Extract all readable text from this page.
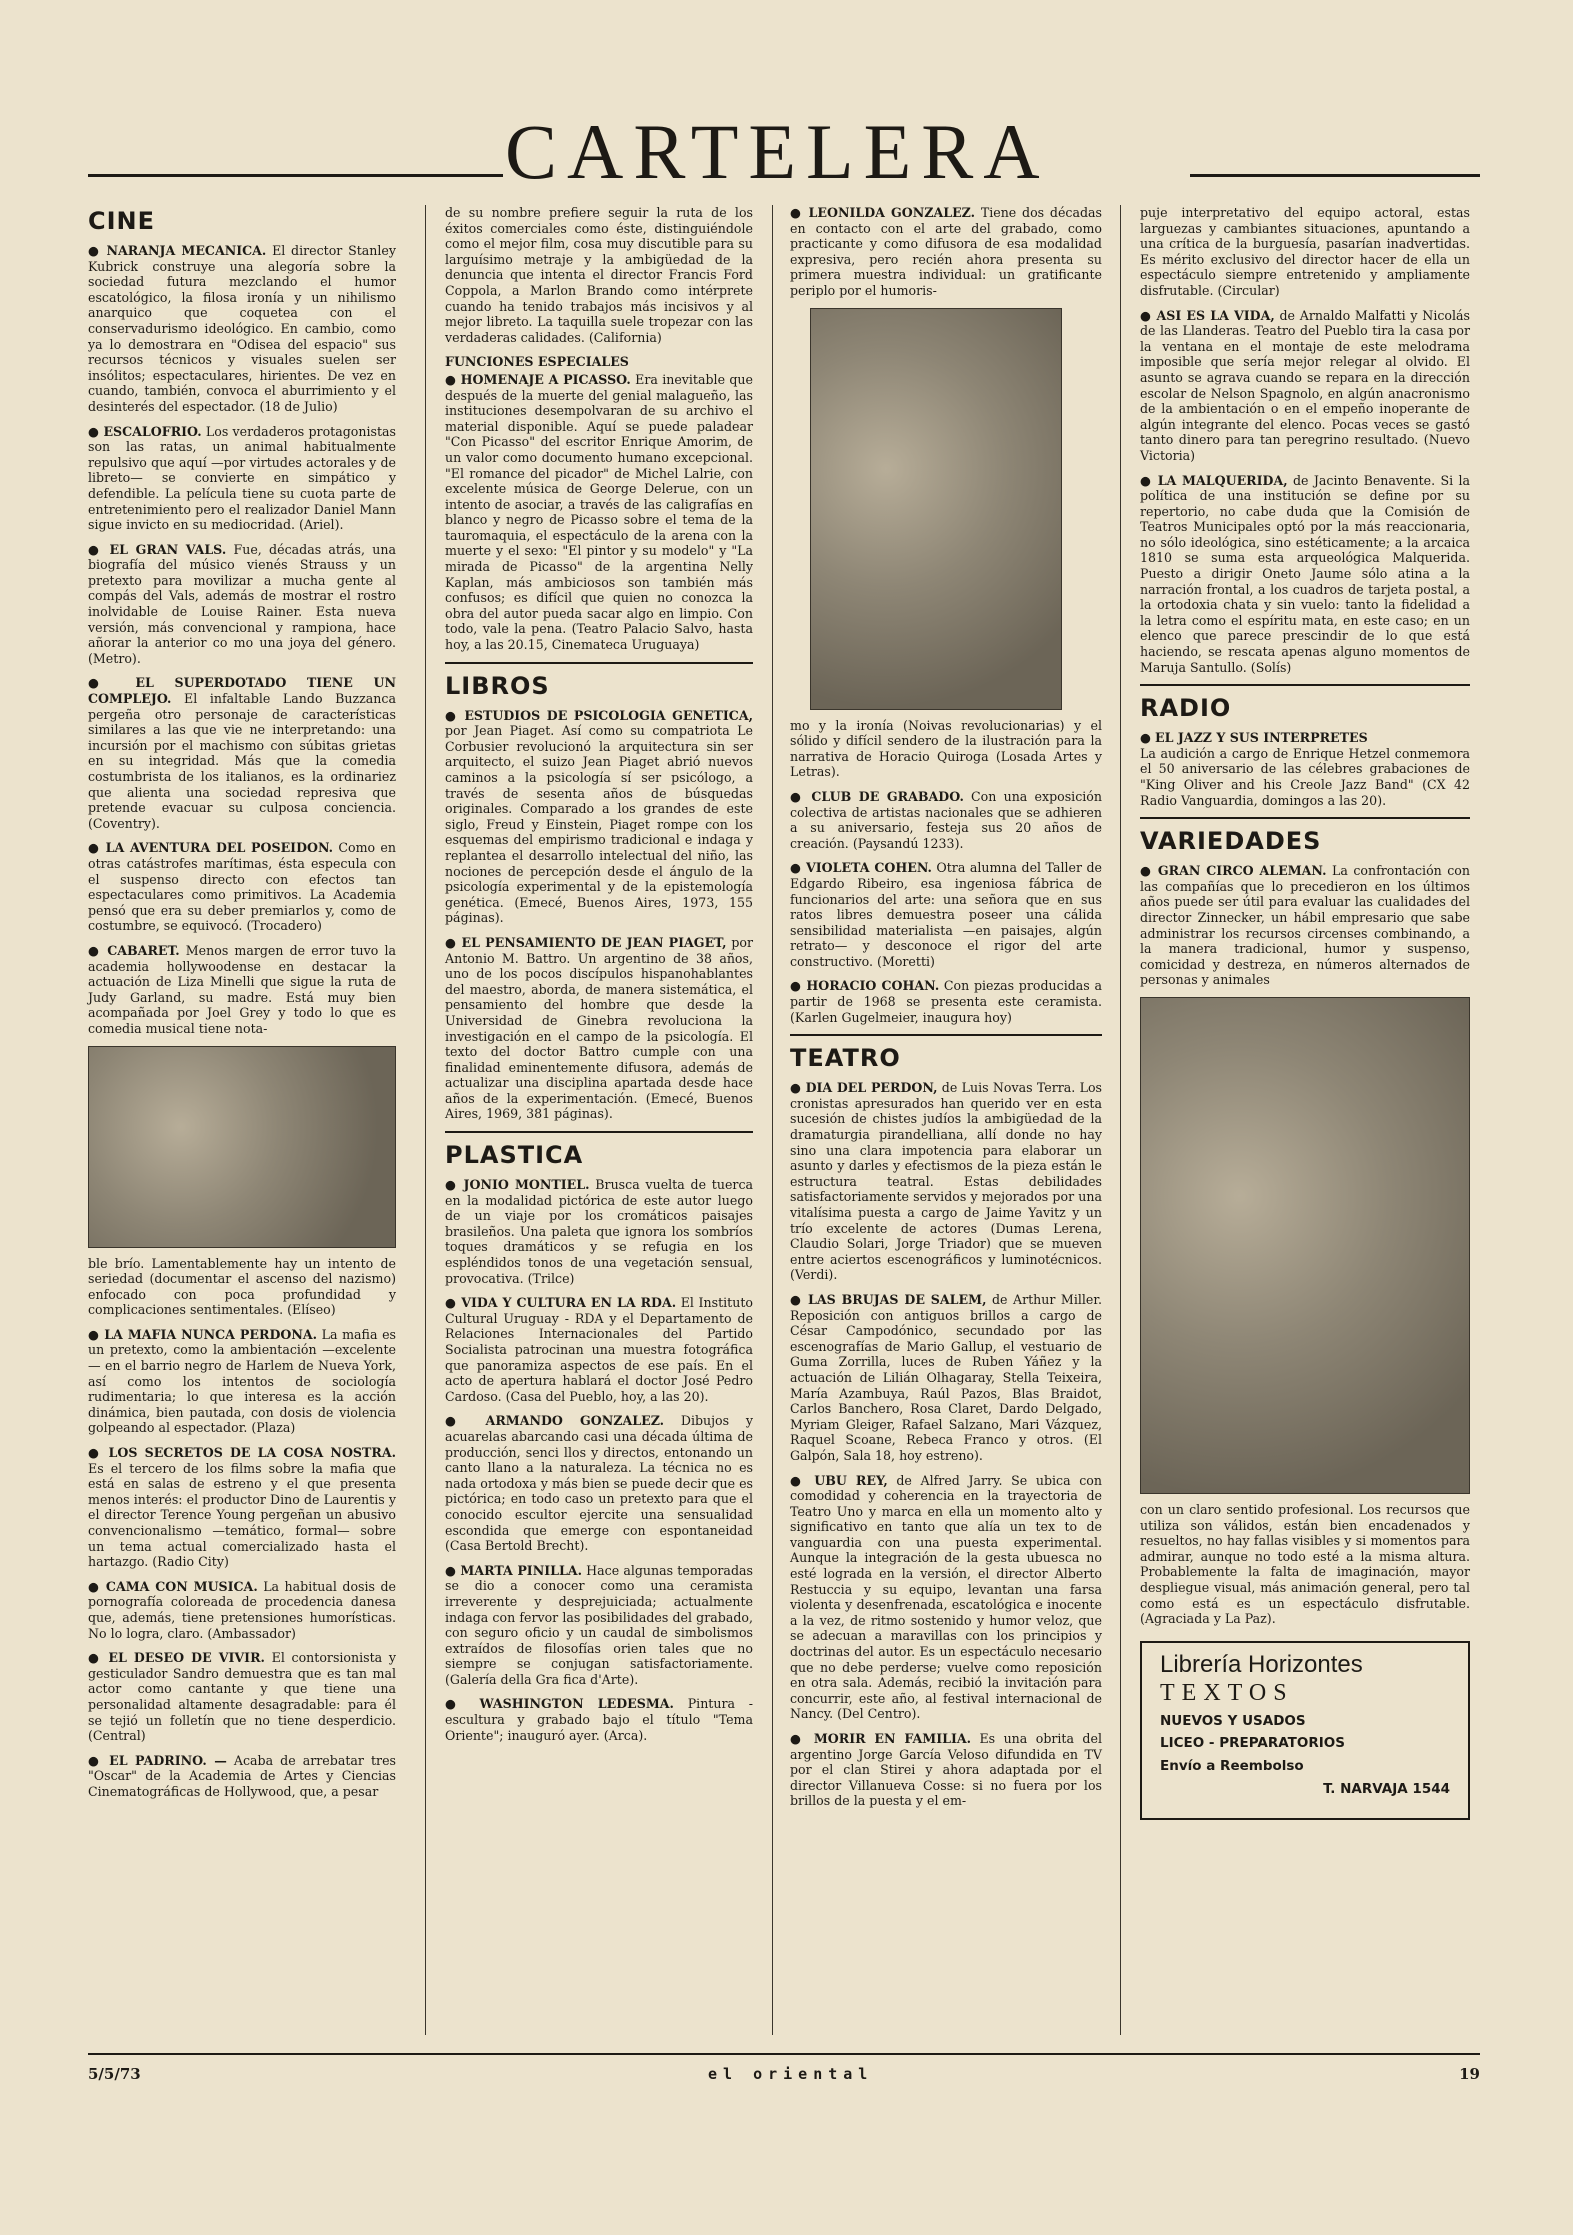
CARTELERA
CINE
● NARANJA MECANICA. El director Stanley Kubrick construye una alegoría sobre la sociedad futura mezclando el humor escatológico, la filosa ironía y un nihilismo anarquico que coquetea con el conservadurismo ideológico. En cambio, como ya lo demostrara en "Odisea del espacio" sus recursos técnicos y visuales suelen ser insólitos; espectaculares, hirientes. De vez en cuando, también, convoca el aburrimiento y el desinterés del espectador. (18 de Julio)
● ESCALOFRIO. Los verdaderos protagonistas son las ratas, un animal habitualmente repulsivo que aquí —por virtudes actorales y de libreto— se convierte en simpático y defendible. La película tiene su cuota parte de entretenimiento pero el realizador Daniel Mann sigue invicto en su mediocridad. (Ariel).
● EL GRAN VALS. Fue, décadas atrás, una biografía del músico vienés Strauss y un pretexto para movilizar a mucha gente al compás del Vals, además de mostrar el rostro inolvidable de Louise Rainer. Esta nueva versión, más convencional y rampiona, hace añorar la anterior co mo una joya del género. (Metro).
● EL SUPERDOTADO TIENE UN COMPLEJO. El infaltable Lando Buzzanca pergeña otro personaje de características similares a las que vie ne interpretando: una incursión por el machismo con súbitas grietas en su integridad. Más que la comedia costumbrista de los italianos, es la ordinariez que alienta una sociedad represiva que pretende evacuar su culposa conciencia. (Coventry).
● LA AVENTURA DEL POSEIDON. Como en otras catástrofes marítimas, ésta especula con el suspenso directo con efectos tan espectaculares como primitivos. La Academia pensó que era su deber premiarlos y, como de costumbre, se equivocó. (Trocadero)
● CABARET. Menos margen de error tuvo la academia hollywoodense en destacar la actuación de Liza Minelli que sigue la ruta de Judy Garland, su madre. Está muy bien acompañada por Joel Grey y todo lo que es comedia musical tiene nota-
ble brío. Lamentablemente hay un intento de seriedad (documentar el ascenso del nazismo) enfocado con poca profundidad y complicaciones sentimentales. (Elíseo)
● LA MAFIA NUNCA PERDONA. La mafia es un pretexto, como la ambientación —excelente— en el barrio negro de Harlem de Nueva York, así como los intentos de sociología rudimentaria; lo que interesa es la acción dinámica, bien pautada, con dosis de violencia golpeando al espectador. (Plaza)
● LOS SECRETOS DE LA COSA NOSTRA. Es el tercero de los films sobre la mafia que está en salas de estreno y el que presenta menos interés: el productor Dino de Laurentis y el director Terence Young pergeñan un abusivo convencionalismo —temático, formal— sobre un tema actual comercializado hasta el hartazgo. (Radio City)
● CAMA CON MUSICA. La habitual dosis de pornografía coloreada de procedencia danesa que, además, tiene pretensiones humorísticas. No lo logra, claro. (Ambassador)
● EL DESEO DE VIVIR. El contorsionista y gesticulador Sandro demuestra que es tan mal actor como cantante y que tiene una personalidad altamente desagradable: para él se tejió un folletín que no tiene desperdicio. (Central)
● EL PADRINO. — Acaba de arrebatar tres "Oscar" de la Academia de Artes y Ciencias Cinematográficas de Hollywood, que, a pesar
de su nombre prefiere seguir la ruta de los éxitos comerciales como éste, distinguiéndole como el mejor film, cosa muy discutible para su larguísimo metraje y la ambigüedad de la denuncia que intenta el director Francis Ford Coppola, a Marlon Brando como intérprete cuando ha tenido trabajos más incisivos y al mejor libreto. La taquilla suele tropezar con las verdaderas calidades. (California)
FUNCIONES ESPECIALES
● HOMENAJE A PICASSO. Era inevitable que después de la muerte del genial malagueño, las instituciones desempolvaran de su archivo el material disponible. Aquí se puede paladear "Con Picasso" del escritor Enrique Amorim, de un valor como documento humano excepcional. "El romance del picador" de Michel Lalrie, con excelente música de George Delerue, con un intento de asociar, a través de las caligrafías en blanco y negro de Picasso sobre el tema de la tauromaquia, el espectáculo de la arena con la muerte y el sexo: "El pintor y su modelo" y "La mirada de Picasso" de la argentina Nelly Kaplan, más ambiciosos son también más confusos; es difícil que quien no conozca la obra del autor pueda sacar algo en limpio. Con todo, vale la pena. (Teatro Palacio Salvo, hasta hoy, a las 20.15, Cinemateca Uruguaya)
LIBROS
● ESTUDIOS DE PSICOLOGIA GENETICA, por Jean Piaget. Así como su compatriota Le Corbusier revolucionó la arquitectura sin ser arquitecto, el suizo Jean Piaget abrió nuevos caminos a la psicología sí ser psicólogo, a través de sesenta años de búsquedas originales. Comparado a los grandes de este siglo, Freud y Einstein, Piaget rompe con los esquemas del empirismo tradicional e indaga y replantea el desarrollo intelectual del niño, las nociones de percepción desde el ángulo de la psicología experimental y de la epistemología genética. (Emecé, Buenos Aires, 1973, 155 páginas).
● EL PENSAMIENTO DE JEAN PIAGET, por Antonio M. Battro. Un argentino de 38 años, uno de los pocos discípulos hispanohablantes del maestro, aborda, de manera sistemática, el pensamiento del hombre que desde la Universidad de Ginebra revoluciona la investigación en el campo de la psicología. El texto del doctor Battro cumple con una finalidad eminentemente difusora, además de actualizar una disciplina apartada desde hace años de la experimentación. (Emecé, Buenos Aires, 1969, 381 páginas).
PLASTICA
● JONIO MONTIEL. Brusca vuelta de tuerca en la modalidad pictórica de este autor luego de un viaje por los cromáticos paisajes brasileños. Una paleta que ignora los sombríos toques dramáticos y se refugia en los espléndidos tonos de una vegetación sensual, provocativa. (Trilce)
● VIDA Y CULTURA EN LA RDA. El Instituto Cultural Uruguay - RDA y el Departamento de Relaciones Internacionales del Partido Socialista patrocinan una muestra fotográfica que panoramiza aspectos de ese país. En el acto de apertura hablará el doctor José Pedro Cardoso. (Casa del Pueblo, hoy, a las 20).
● ARMANDO GONZALEZ. Dibujos y acuarelas abarcando casi una década última de producción, senci llos y directos, entonando un canto llano a la naturaleza. La técnica no es nada ortodoxa y más bien se puede decir que es pictórica; en todo caso un pretexto para que el conocido escultor ejercite una sensualidad escondida que emerge con espontaneidad (Casa Bertold Brecht).
● MARTA PINILLA. Hace algunas temporadas se dio a conocer como una ceramista irreverente y desprejuiciada; actualmente indaga con fervor las posibilidades del grabado, con seguro oficio y un caudal de simbolismos extraídos de filosofías orien tales que no siempre se conjugan satisfactoriamente. (Galería della Gra fica d'Arte).
● WASHINGTON LEDESMA. Pintura - escultura y grabado bajo el título "Tema Oriente"; inauguró ayer. (Arca).
● LEONILDA GONZALEZ. Tiene dos décadas en contacto con el arte del grabado, como practicante y como difusora de esa modalidad expresiva, pero recién ahora presenta su primera muestra individual: un gratificante periplo por el humoris-
mo y la ironía (Noivas revolucionarias) y el sólido y difícil sendero de la ilustración para la narrativa de Horacio Quiroga (Losada Artes y Letras).
● CLUB DE GRABADO. Con una exposición colectiva de artistas nacionales que se adhieren a su aniversario, festeja sus 20 años de creación. (Paysandú 1233).
● VIOLETA COHEN. Otra alumna del Taller de Edgardo Ribeiro, esa ingeniosa fábrica de funcionarios del arte: una señora que en sus ratos libres demuestra poseer una cálida sensibilidad materialista —en paisajes, algún retrato— y desconoce el rigor del arte constructivo. (Moretti)
● HORACIO COHAN. Con piezas producidas a partir de 1968 se presenta este ceramista. (Karlen Gugelmeier, inaugura hoy)
TEATRO
● DIA DEL PERDON, de Luis Novas Terra. Los cronistas apresurados han querido ver en esta sucesión de chistes judíos la ambigüedad de la dramaturgia pirandelliana, allí donde no hay sino una clara impotencia para elaborar un asunto y darles y efectismos de la pieza están le estructura teatral. Estas debilidades satisfactoriamente servidos y mejorados por una vitalísima puesta a cargo de Jaime Yavitz y un trío excelente de actores (Dumas Lerena, Claudio Solari, Jorge Triador) que se mueven entre aciertos escenográficos y luminotécnicos. (Verdi).
● LAS BRUJAS DE SALEM, de Arthur Miller. Reposición con antiguos brillos a cargo de César Campodónico, secundado por las escenografías de Mario Gallup, el vestuario de Guma Zorrilla, luces de Ruben Yáñez y la actuación de Lilián Olhagaray, Stella Teixeira, María Azambuya, Raúl Pazos, Blas Braidot, Carlos Banchero, Rosa Claret, Dardo Delgado, Myriam Gleiger, Rafael Salzano, Mari Vázquez, Raquel Scoane, Rebeca Franco y otros. (El Galpón, Sala 18, hoy estreno).
● UBU REY, de Alfred Jarry. Se ubica con comodidad y coherencia en la trayectoria de Teatro Uno y marca en ella un momento alto y significativo en tanto que alía un tex to de vanguardia con una puesta experimental. Aunque la integración de la gesta ubuesca no esté lograda en la versión, el director Alberto Restuccia y su equipo, levantan una farsa violenta y desenfrenada, escatológica e inocente a la vez, de ritmo sostenido y humor veloz, que se adecuan a maravillas con los principios y doctrinas del autor. Es un espectáculo necesario que no debe perderse; vuelve como reposición en otra sala. Además, recibió la invitación para concurrir, este año, al festival internacional de Nancy. (Del Centro).
● MORIR EN FAMILIA. Es una obrita del argentino Jorge García Veloso difundida en TV por el clan Stirei y ahora adaptada por el director Villanueva Cosse: si no fuera por los brillos de la puesta y el em-
puje interpretativo del equipo actoral, estas larguezas y cambiantes situaciones, apuntando a una crítica de la burguesía, pasarían inadvertidas. Es mérito exclusivo del director hacer de ella un espectáculo siempre entretenido y ampliamente disfrutable. (Circular)
● ASI ES LA VIDA, de Arnaldo Malfatti y Nicolás de las Llanderas. Teatro del Pueblo tira la casa por la ventana en el montaje de este melodrama imposible que sería mejor relegar al olvido. El asunto se agrava cuando se repara en la dirección escolar de Nelson Spagnolo, en algún anacronismo de la ambientación o en el empeño inoperante de algún integrante del elenco. Pocas veces se gastó tanto dinero para tan peregrino resultado. (Nuevo Victoria)
● LA MALQUERIDA, de Jacinto Benavente. Si la política de una institución se define por su repertorio, no cabe duda que la Comisión de Teatros Municipales optó por la más reaccionaria, no sólo ideológica, sino estéticamente; a la arcaica 1810 se suma esta arqueológica Malquerida. Puesto a dirigir Oneto Jaume sólo atina a la narración frontal, a los cuadros de tarjeta postal, a la ortodoxia chata y sin vuelo: tanto la fidelidad a la letra como el espíritu mata, en este caso; en un elenco que parece prescindir de lo que está haciendo, se rescata apenas alguno momentos de Maruja Santullo. (Solís)
RADIO
● EL JAZZ Y SUS INTERPRETES
La audición a cargo de Enrique Hetzel conmemora el 50 aniversario de las célebres grabaciones de "King Oliver and his Creole Jazz Band" (CX 42 Radio Vanguardia, domingos a las 20).
VARIEDADES
● GRAN CIRCO ALEMAN. La confrontación con las compañías que lo precedieron en los últimos años puede ser útil para evaluar las cualidades del director Zinnecker, un hábil empresario que sabe administrar los recursos circenses combinando, a la manera tradicional, humor y suspenso, comicidad y destreza, en números alternados de personas y animales
con un claro sentido profesional. Los recursos que utiliza son válidos, están bien encadenados y resueltos, no hay fallas visibles y si momentos para admirar, aunque no todo esté a la misma altura. Probablemente la falta de imaginación, mayor despliegue visual, más animación general, pero tal como está es un espectáculo disfrutable. (Agraciada y La Paz).
Librería Horizontes
TEXTOS
NUEVOS Y USADOS
LICEO - PREPARATORIOS
Envío a Reembolso
T. NARVAJA 1544
5/5/73	el oriental	19
